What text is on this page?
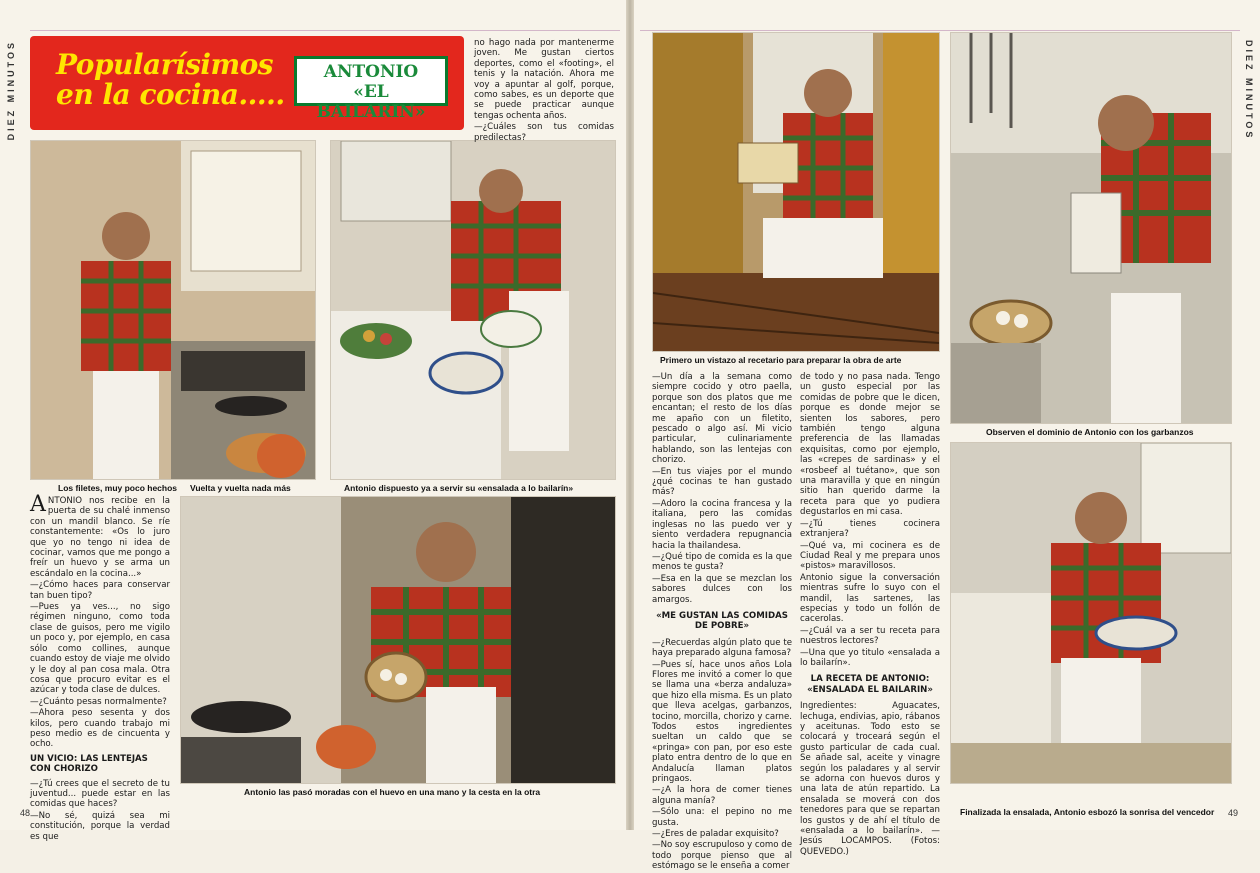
DIEZ MINUTOS	DIEZ MINUTOS
Popularísimos
en la cocina.....
ANTONIO
«EL BAILARIN»
Los filetes, muy poco hechos Vuelta y vuelta nada más	Antonio dispuesto ya a servir su «ensalada a lo bailarín»
Antonio las pasó moradas con el huevo en una mano y la cesta en la otra
Primero un vistazo al recetario para preparar la obra de arte
Observen el dominio de Antonio con los garbanzos
Finalizada la ensalada, Antonio esbozó la sonrisa del vencedor

no hago nada por mantenerme joven. Me gustan ciertos deportes, como el «footing», el tenis y la natación. Ahora me voy a apuntar al golf, porque, como sabes, es un deporte que se puede practicar aunque tengas ochenta años.

—¿Cuáles son tus comidas predilectas?

ANTONIO nos recibe en la puerta de su chalé inmenso con un mandil blanco. Se ríe constantemente: «Os lo juro que yo no tengo ni idea de cocinar, vamos que me pongo a freír un huevo y se arma un escándalo en la cocina...»

—¿Cómo haces para conservar tan buen tipo?

—Pues ya ves..., no sigo régimen ninguno, como toda clase de guisos, pero me vigilo un poco y, por ejemplo, en casa sólo como collines, aunque cuando estoy de viaje me olvido y le doy al pan cosa mala. Otra cosa que procuro evitar es el azúcar y toda clase de dulces.

—¿Cuánto pesas normalmente?

—Ahora peso sesenta y dos kilos, pero cuando trabajo mi peso medio es de cincuenta y ocho.

UN VICIO: LAS LENTEJAS CON CHORIZO

—¿Tú crees que el secreto de tu juventud... puede estar en las comidas que haces?

—No sé, quizá sea mi constitución, porque la verdad es que

—Un día a la semana como siempre cocido y otro paella, porque son dos platos que me encantan; el resto de los días me apaño con un filetito, pescado o algo así. Mi vicio particular, culinariamente hablando, son las lentejas con chorizo.

—En tus viajes por el mundo ¿qué cocinas te han gustado más?

—Adoro la cocina francesa y la italiana, pero las comidas inglesas no las puedo ver y siento verdadera repugnancia hacia la thailandesa.

—¿Qué tipo de comida es la que menos te gusta?

—Esa en la que se mezclan los sabores dulces con los amargos.

«ME GUSTAN LAS COMIDAS DE POBRE»

—¿Recuerdas algún plato que te haya preparado alguna famosa?

—Pues sí, hace unos años Lola Flores me invitó a comer lo que se llama una «berza andaluza» que hizo ella misma. Es un plato que lleva acelgas, garbanzos, tocino, morcilla, chorizo y carne. Todos estos ingredientes sueltan un caldo que se «pringa» con pan, por eso este plato entra dentro de lo que en Andalucía llaman platos pringaos.

—¿A la hora de comer tienes alguna manía?

—Sólo una: el pepino no me gusta.

—¿Eres de paladar exquisito?

—No soy escrupuloso y como de todo porque pienso que al estómago se le enseña a comer

de todo y no pasa nada. Tengo un gusto especial por las comidas de pobre que le dicen, porque es donde mejor se sienten los sabores, pero también tengo alguna preferencia de las llamadas exquisitas, como por ejemplo, las «crepes de sardinas» y el «rosbeef al tuétano», que son una maravilla y que en ningún sitio han querido darme la receta para que yo pudiera degustarlos en mi casa.

—¿Tú tienes cocinera extranjera?

—Qué va, mi cocinera es de Ciudad Real y me prepara unos «pistos» maravillosos.

Antonio sigue la conversación mientras sufre lo suyo con el mandil, las sartenes, las especias y todo un follón de cacerolas.

—¿Cuál va a ser tu receta para nuestros lectores?

—Una que yo titulo «ensalada a lo bailarín».

LA RECETA DE ANTONIO: «ENSALADA EL BAILARIN»

Ingredientes: Aguacates, lechuga, endivias, apio, rábanos y aceitunas. Todo esto se colocará y troceará según el gusto particular de cada cual. Se añade sal, aceite y vinagre según los paladares y al servir se adorna con huevos duros y una lata de atún repartido. La ensalada se moverá con dos tenedores para que se repartan los gustos y de ahí el título de «ensalada a lo bailarín». — Jesús LOCAMPOS. (Fotos: QUEVEDO.)

48	49
